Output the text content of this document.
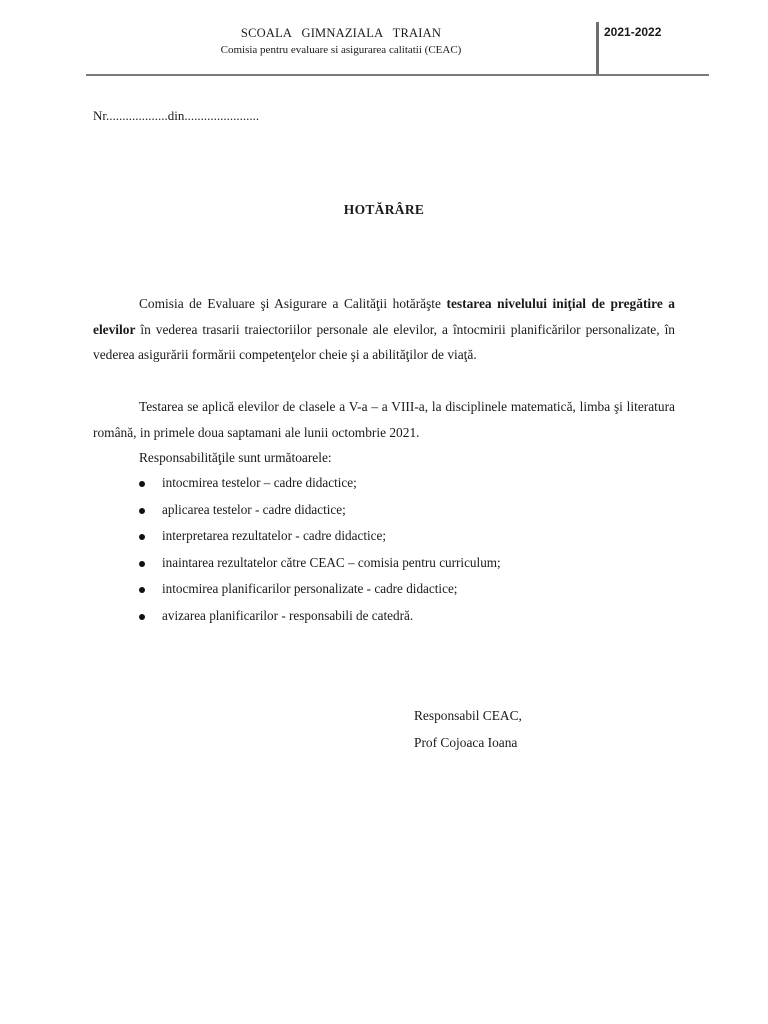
SCOALA GIMNAZIALA TRAIAN
Comisia pentru evaluare si asigurarea calitatii (CEAC)
2021-2022
Nr...................din.......................
HOTĂRÂRE

Comisia de Evaluare şi Asigurare a Calităţii hotărăşte testarea nivelului iniţial de pregătire a elevilor în vederea trasarii traiectoriilor personale ale elevilor, a întocmirii planificărilor personalizate, în vederea asigurării formării competenţelor cheie şi a abilităţilor de viaţă.

Testarea se aplică elevilor de clasele a V-a – a VIII-a, la disciplinele matematică, limba şi literatura română, in primele doua saptamani ale lunii octombrie 2021.

Responsabilităţile sunt următoarele:

intocmirea testelor – cadre didactice;
aplicarea testelor - cadre didactice;
interpretarea rezultatelor - cadre didactice;
inaintarea rezultatelor către CEAC – comisia pentru curriculum;
intocmirea planificarilor personalizate - cadre didactice;
avizarea planificarilor - responsabili de catedră.
Responsabil CEAC,
Prof Cojoaca Ioana
